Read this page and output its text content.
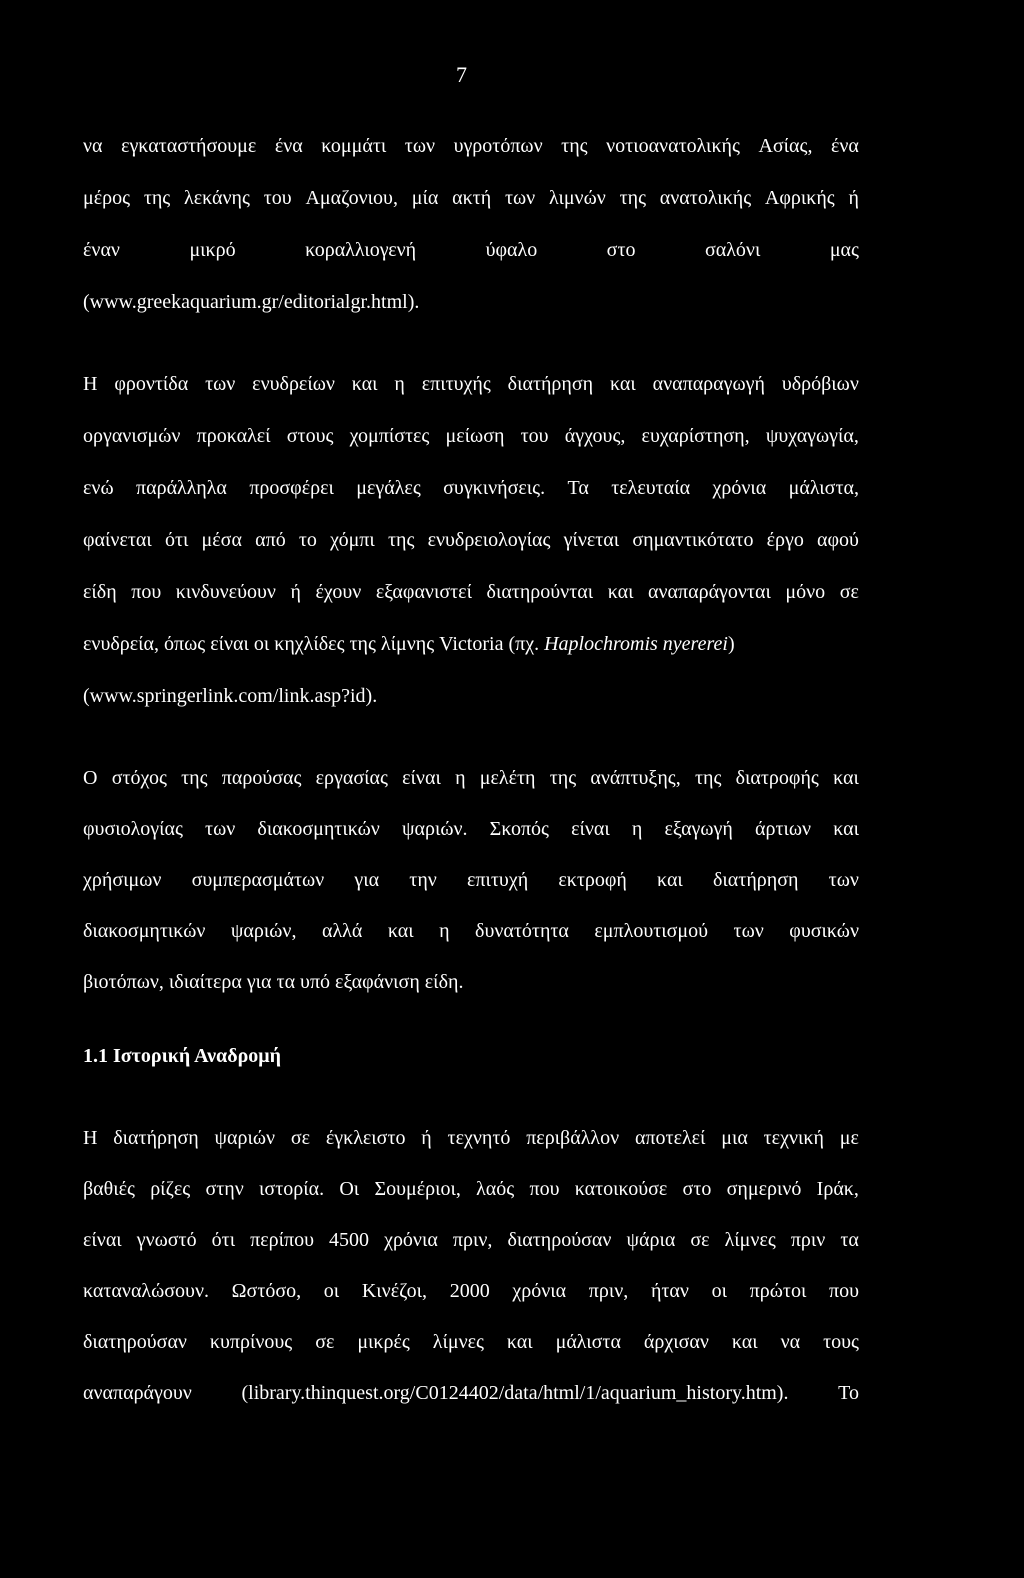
7
να εγκαταστήσουμε ένα κομμάτι των υγροτόπων της νοτιοανατολικής Ασίας, ένα
μέρος της λεκάνης του Αμαζονιου, μία ακτή των λιμνών της ανατολικής Αφρικής ή
έναν	μικρό	κοραλλιογενή	ύφαλο	στο	σαλόνι	μας
(www.greekaquarium.gr/editorialgr.html).
Η φροντίδα των ενυδρείων και η επιτυχής διατήρηση και αναπαραγωγή υδρόβιων
οργανισμών προκαλεί στους χομπίστες μείωση του άγχους, ευχαρίστηση, ψυχαγωγία,
ενώ παράλληλα προσφέρει μεγάλες συγκινήσεις. Τα τελευταία χρόνια μάλιστα,
φαίνεται ότι μέσα από το χόμπι της ενυδρειολογίας γίνεται σημαντικότατο έργο αφού
είδη που κινδυνεύουν ή έχουν εξαφανιστεί διατηρούνται και αναπαράγονται μόνο σε
ενυδρεία, όπως είναι οι κηχλίδες της λίμνης Victoria (πχ. Haplochromis nyererei)
(www.springerlink.com/link.asp?id).
Ο στόχος της παρούσας εργασίας είναι η μελέτη της ανάπτυξης, της διατροφής και
φυσιολογίας των διακοσμητικών ψαριών. Σκοπός είναι η εξαγωγή άρτιων και
χρήσιμων συμπερασμάτων για την επιτυχή εκτροφή και διατήρηση των
διακοσμητικών ψαριών, αλλά και η δυνατότητα εμπλουτισμού των φυσικών
βιοτόπων, ιδιαίτερα για τα υπό εξαφάνιση είδη.
1.1 Ιστορική Αναδρομή
Η διατήρηση ψαριών σε έγκλειστο ή τεχνητό περιβάλλον αποτελεί μια τεχνική με
βαθιές ρίζες στην ιστορία. Οι Σουμέριοι, λαός που κατοικούσε στο σημερινό Ιράκ,
είναι γνωστό ότι περίπου 4500 χρόνια πριν, διατηρούσαν ψάρια σε λίμνες πριν τα
καταναλώσουν. Ωστόσο, οι Κινέζοι, 2000 χρόνια πριν, ήταν οι πρώτοι που
διατηρούσαν κυπρίνους σε μικρές λίμνες και μάλιστα άρχισαν και να τους
αναπαράγουν (library.thinquest.org/C0124402/data/html/1/aquarium_history.htm). Το
